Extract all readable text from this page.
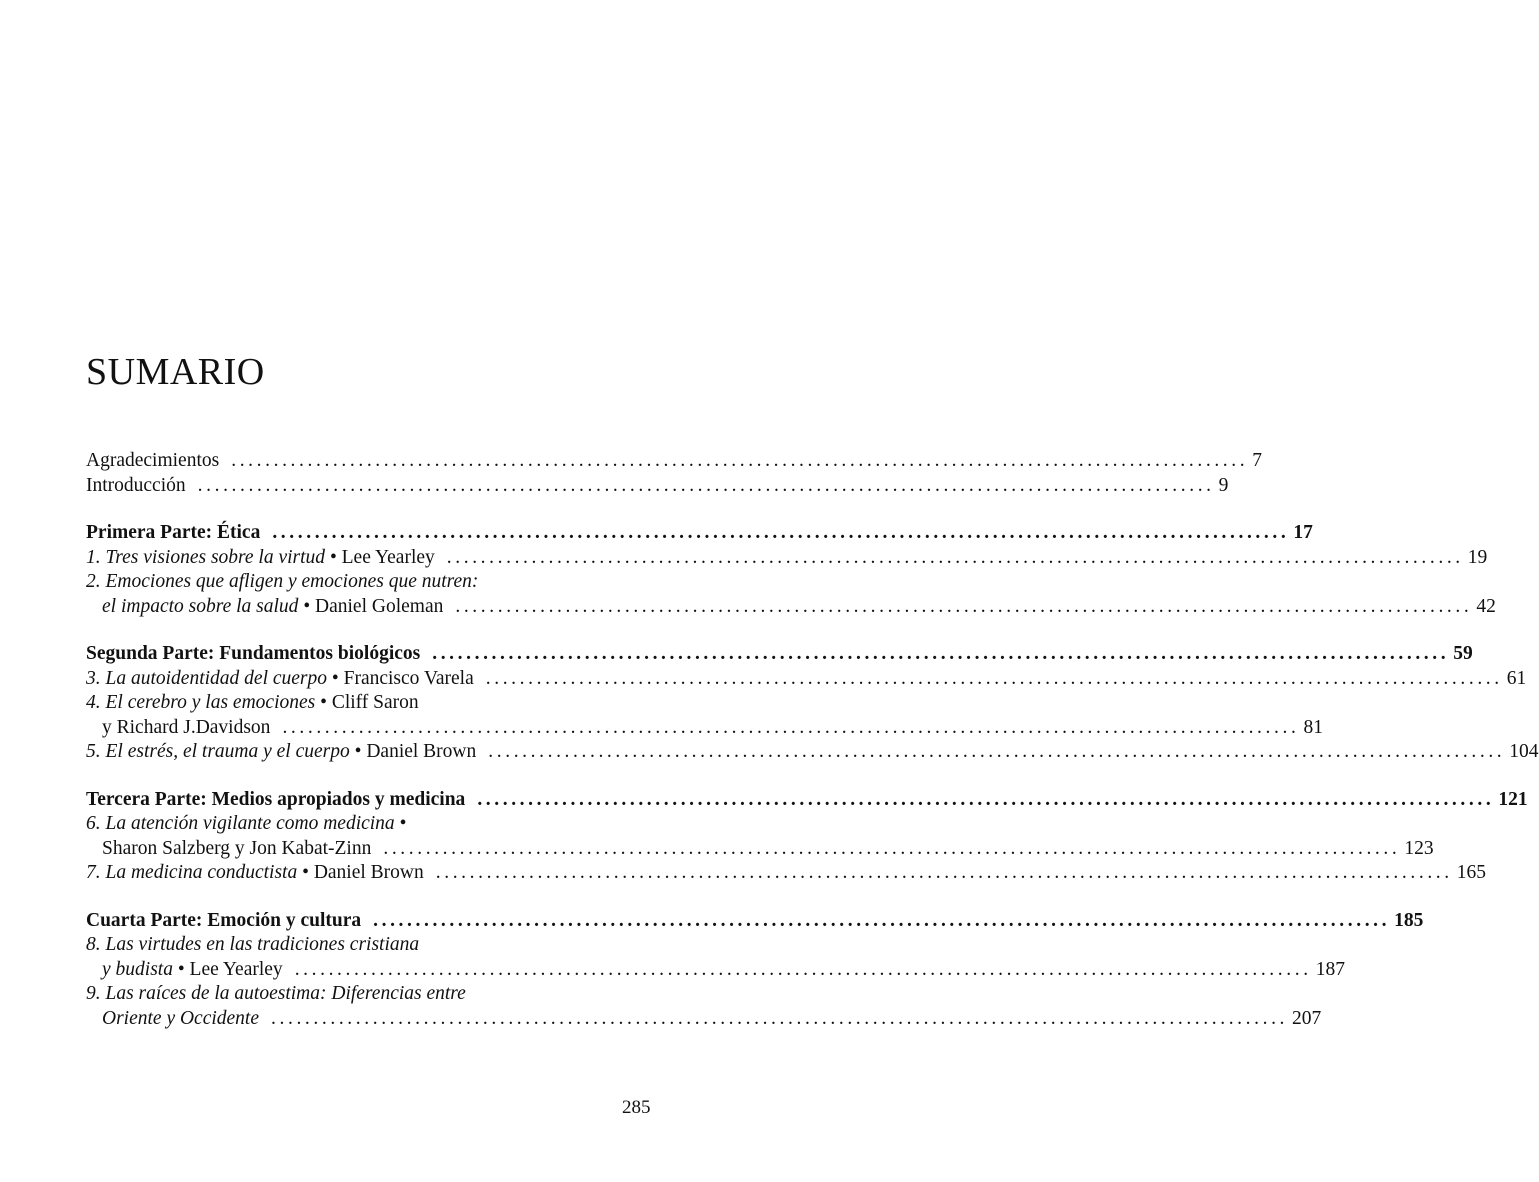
SUMARIO
Agradecimientos ........................................................................................................................ 7
Introducción ........................................................................................................................ 9
Primera Parte: Ética ........................................................................................................................ 17
1. Tres visiones sobre la virtud • Lee Yearley ........................................................................................................................ 19
2. Emociones que afligen y emociones que nutren:
el impacto sobre la salud • Daniel Goleman ........................................................................................................................ 42
Segunda Parte: Fundamentos biológicos ........................................................................................................................ 59
3. La autoidentidad del cuerpo • Francisco Varela ........................................................................................................................ 61
4. El cerebro y las emociones • Cliff Saron
y Richard J.Davidson ........................................................................................................................ 81
5. El estrés, el trauma y el cuerpo • Daniel Brown ........................................................................................................................ 104
Tercera Parte: Medios apropiados y medicina ........................................................................................................................ 121
6. La atención vigilante como medicina •
Sharon Salzberg y Jon Kabat-Zinn ........................................................................................................................ 123
7. La medicina conductista • Daniel Brown ........................................................................................................................ 165
Cuarta Parte: Emoción y cultura ........................................................................................................................ 185
8. Las virtudes en las tradiciones cristiana
y budista • Lee Yearley ........................................................................................................................ 187
9. Las raíces de la autoestima: Diferencias entre
Oriente y Occidente ........................................................................................................................ 207
285
